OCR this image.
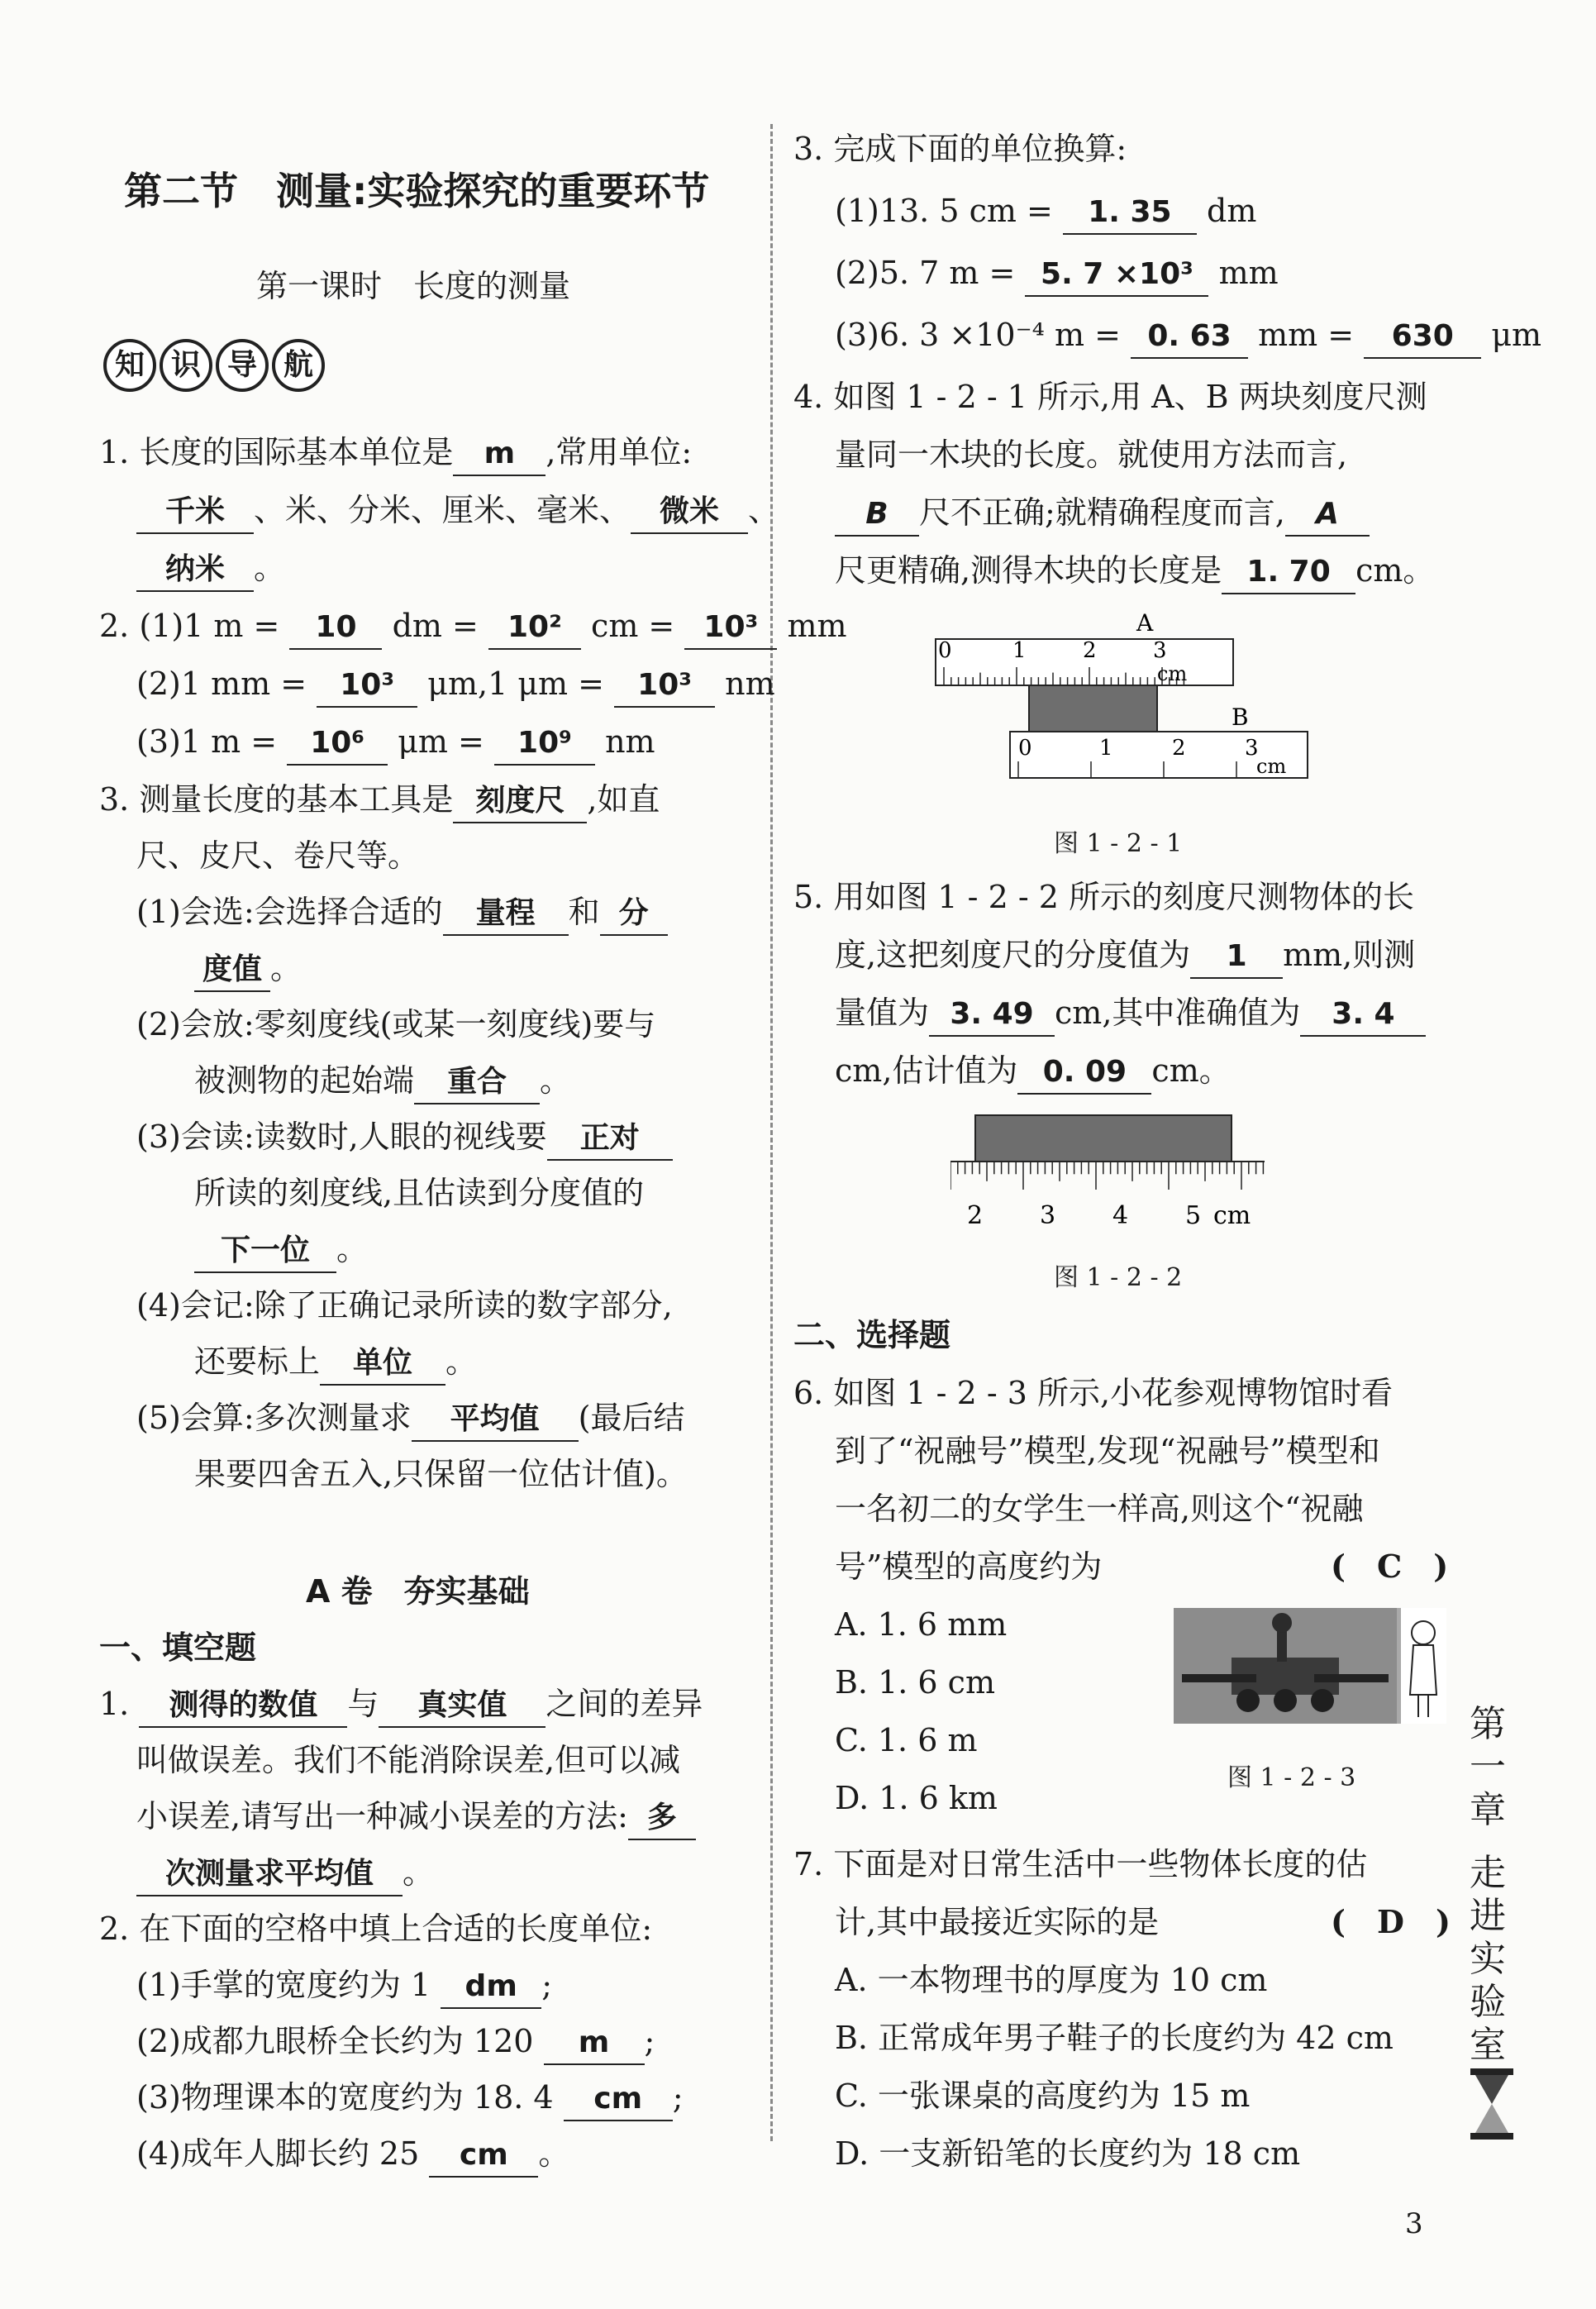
第二节　测量:实验探究的重要环节
第一课时　长度的测量
知 识 导 航
1. 长度的国际基本单位是 m ,常用单位:
千米 、米、分米、厘米、毫米、 微米 、
纳米 。
2. (1)1 m = 10 dm = 10² cm = 10³ mm
(2)1 mm = 10³ μm,1 μm = 10³ nm
(3)1 m = 10⁶ μm = 10⁹ nm
3. 测量长度的基本工具是 刻度尺 ,如直
尺、皮尺、卷尺等。
(1)会选:会选择合适的 量程 和 分
度值 。
(2)会放:零刻度线(或某一刻度线)要与
被测物的起始端 重合 。
(3)会读:读数时,人眼的视线要 正对
所读的刻度线,且估读到分度值的
下一位 。
(4)会记:除了正确记录所读的数字部分,
还要标上 单位 。
(5)会算:多次测量求 平均值 (最后结
果要四舍五入,只保留一位估计值)。
A 卷　夯实基础
一、填空题
1. 测得的数值 与 真实值 之间的差异
叫做误差。我们不能消除误差,但可以减
小误差,请写出一种减小误差的方法: 多
次测量求平均值 。
2. 在下面的空格中填上合适的长度单位:
(1)手掌的宽度约为 1 dm ;
(2)成都九眼桥全长约为 120 m ;
(3)物理课本的宽度约为 18. 4 cm ;
(4)成年人脚长约 25 cm 。
3. 完成下面的单位换算:
(1)13. 5 cm = 1. 35 dm
(2)5. 7 m = 5. 7 ×10³ mm
(3)6. 3 ×10⁻⁴ m = 0. 63 mm = 630 μm
4. 如图 1 - 2 - 1 所示,用 A、B 两块刻度尺测
量同一木块的长度。就使用方法而言,
B 尺不正确;就精确程度而言, A
尺更精确,测得木块的长度是 1. 70 cm。
A
0	1	2	3
cm
B
0	1	2	3
cm
图 1 - 2 - 1
5. 用如图 1 - 2 - 2 所示的刻度尺测物体的长
度,这把刻度尺的分度值为 1 mm,则测
量值为 3. 49 cm,其中准确值为 3. 4
cm,估计值为 0. 09 cm。
2 3 4 5 cm
图 1 - 2 - 2
二、选择题
6. 如图 1 - 2 - 3 所示,小花参观博物馆时看
到了“祝融号”模型,发现“祝融号”模型和
一名初二的女学生一样高,则这个“祝融
号”模型的高度约为	(　C　)
A. 1. 6 mm
B. 1. 6 cm
C. 1. 6 m
D. 1. 6 km
图 1 - 2 - 3
7. 下面是对日常生活中一些物体长度的估
计,其中最接近实际的是	(　D　)
A. 一本物理书的厚度为 10 cm
B. 正常成年男子鞋子的长度约为 42 cm
C. 一张课桌的高度约为 15 m
D. 一支新铅笔的长度约为 18 cm
第
一
章
走
进
实
验
室
3
